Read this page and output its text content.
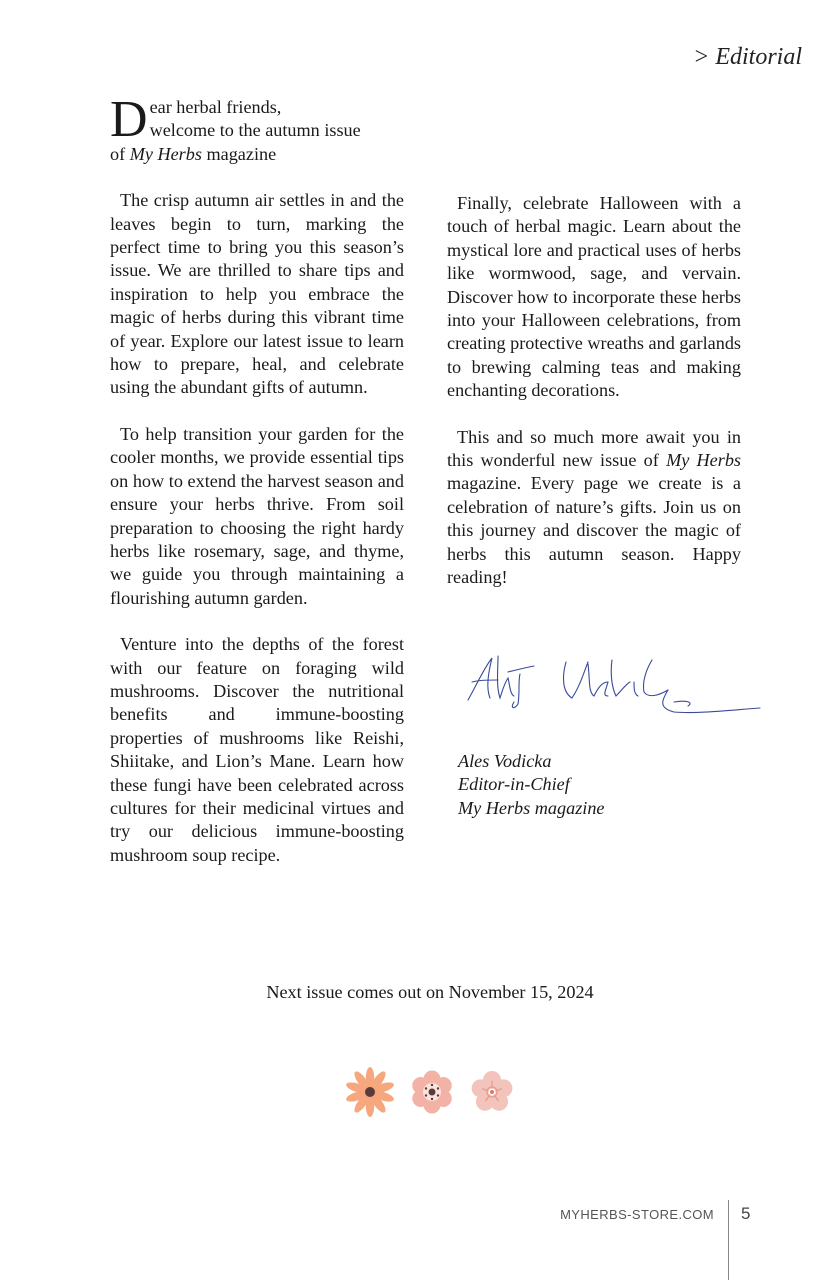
> Editorial
D ear herbal friends,
welcome to the autumn issue
of My Herbs magazine

The crisp autumn air settles in and the leaves begin to turn, marking the perfect time to bring you this season’s issue. We are thrilled to share tips and inspiration to help you embrace the magic of herbs during this vibrant time of year. Explore our latest issue to learn how to prepare, heal, and celebrate using the abundant gifts of autumn.

To help transition your garden for the cooler months, we provide essential tips on how to extend the harvest season and ensure your herbs thrive. From soil preparation to choosing the right hardy herbs like rosemary, sage, and thyme, we guide you through maintaining a flourishing autumn garden.

Venture into the depths of the forest with our feature on foraging wild mushrooms. Discover the nutritional benefits and immune-boosting properties of mushrooms like Reishi, Shiitake, and Lion’s Mane. Learn how these fungi have been celebrated across cultures for their medicinal virtues and try our delicious immune-boosting mushroom soup recipe.

Finally, celebrate Halloween with a touch of herbal magic. Learn about the mystical lore and practical uses of herbs like wormwood, sage, and vervain. Discover how to incorporate these herbs into your Halloween celebrations, from creating protective wreaths and garlands to brewing calming teas and making enchanting decorations.

This and so much more await you in this wonderful new issue of My Herbs magazine. Every page we create is a celebration of nature’s gifts. Join us on this journey and discover the magic of herbs this autumn season. Happy reading!

Ales Vodicka
Editor-in-Chief
My Herbs magazine
Next issue comes out on November 15, 2024
MYHERBS-STORE.COM 5
